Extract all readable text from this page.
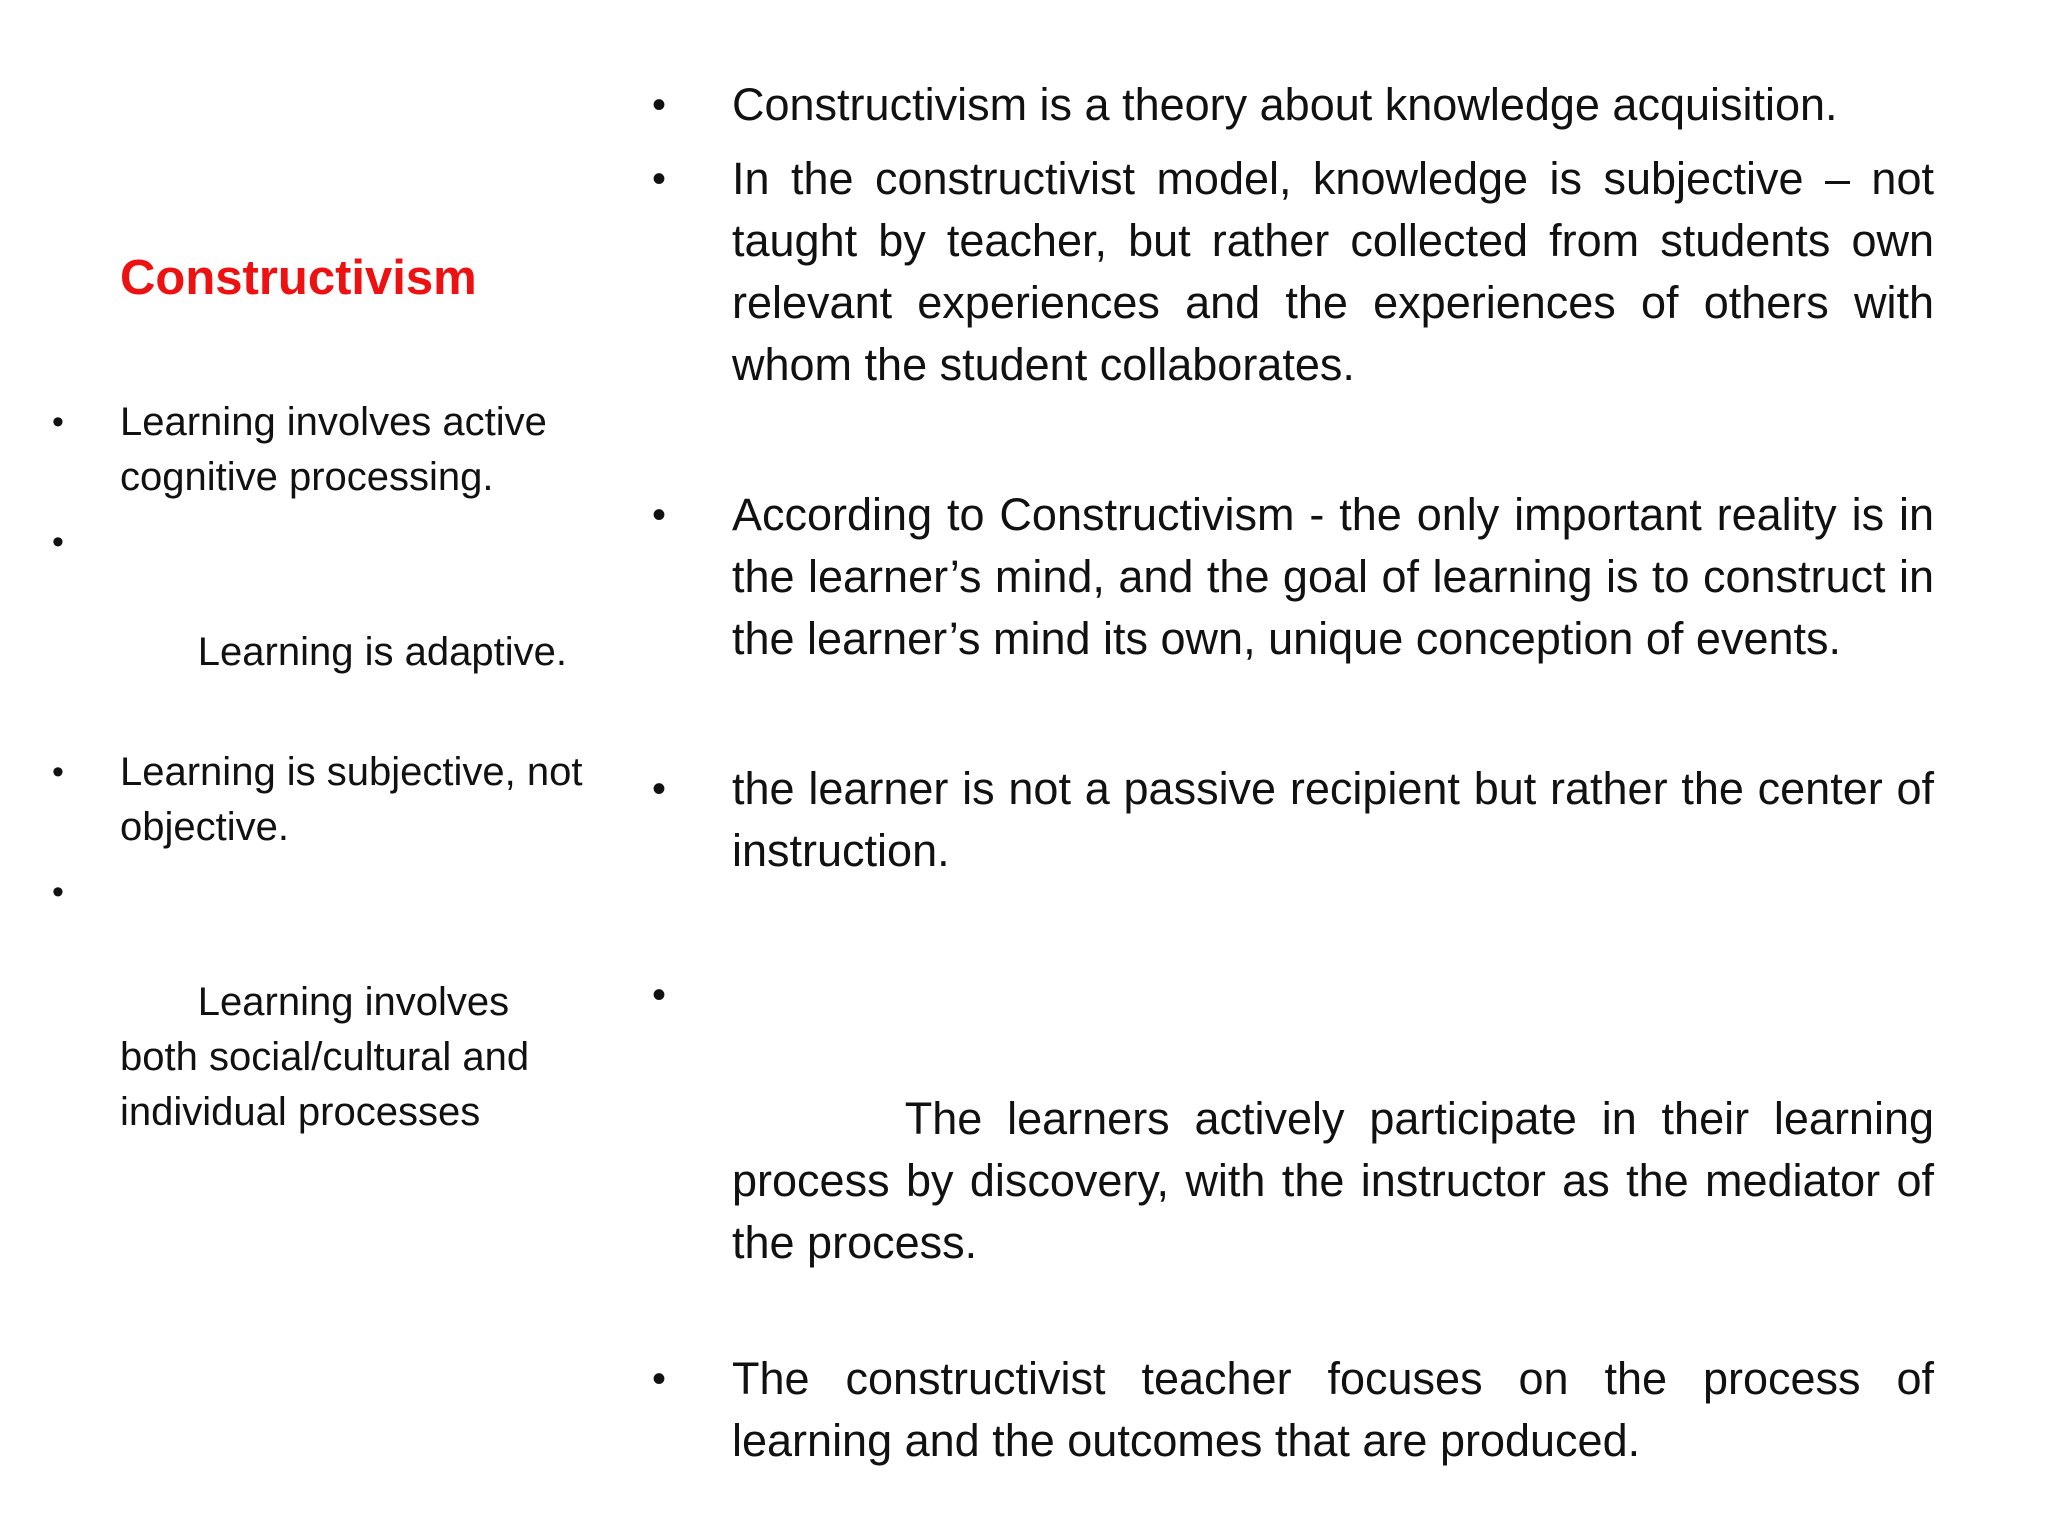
Constructivism
• Learning involves active cognitive processing.

•

Learning is adaptive.

• Learning is subjective, not objective.

•

Learning involves both social/cultural and individual processes

• Constructivism is a theory about knowledge acquisition.
• In the constructivist model, knowledge is subjective – not taught by teacher, but rather collected from students own relevant experiences and the experiences of others with whom the student collaborates.
• According to Constructivism - the only important reality is in the learner’s mind, and the goal of learning is to construct in the learner’s mind its own, unique conception of events.
• the learner is not a passive recipient but rather the center of instruction.

•

The learners actively participate in their learning process by discovery, with the instructor as the mediator of the process.

• The constructivist teacher focuses on the process of learning and the outcomes that are produced.
